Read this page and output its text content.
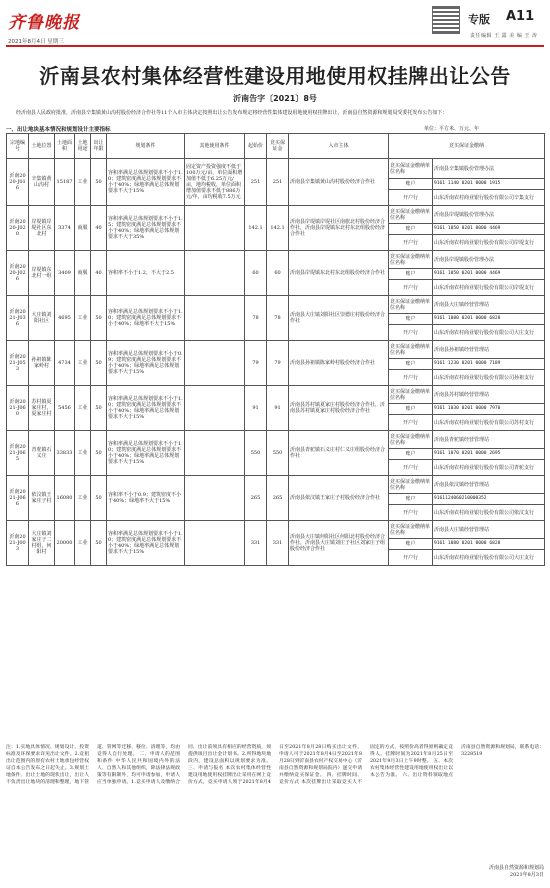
齐鲁晚报	专版 A11
责任编辑 王 露 美 编 王 涛
2021年8月4日 星期三
沂南县农村集体经营性建设用地使用权挂牌出让公告
沂南告字〔2021〕8号
经沂南县人民政府批准，沂南县辛集镇黄山沟村股份经济合作社等11个入市主体决定按照出让公告发布规定将经营性集体建设用地使用权挂牌出让，沂南县自然资源和规划局受委托发布公告如下：
一、出让地块基本情况和规划设计主要指标	单位：平方米、万元、年
宗地编号	土地位置	土地面积	土地用途	出让年限	规划条件	其他使用条件	起始价	竞买保证金	入市主体	竞买保证金缴纳	
沂南2020-J016	辛集镇黄山沟村	15187	工业	50	容积率满足总体规划要求不小于1.0；建筑密度满足总体规划要求不小于40%；绿地率满足总体规划要求不大于15%	固定资产投资强度不低于100万元/亩，单位面积增加值不低于6.25万元/亩，地均税收，单位面积增加值要求不低于886万元/年，亩均税收7.5万元	251	251	沂南县辛集镇黄山沟村股份经济合作社	竞买保证金缴纳单位名称	沂南县辛集镇股份管理办法
										账户	9161 1140 0201 0000 1915
										开户行	山东沂南农村商业银行股份有限公司辛集支行
沂南2020-J020	岸堤镇岸堤社区东北村	3374	商服	40	容积率满足总体规划要求不小于1.5；建筑密度满足总体规划要求不小于40%；绿地率满足总体规划要求不大于35%		142.1	142.1	沂南县岸堤镇岸堤社区南旅北村股份经济合作社，沂南县岸堤镇东北村东北组股份经济合作社	竞买保证金缴纳单位名称	沂南县岸堤镇股份管理办法
										账户	9161 1050 0201 0000 4469
										开户行	山东沂南农村商业银行股份有限公司岸堤支行
沂南2020-J026	岸堤镇东北村一组	3409	商服	40	容积率不小于1.2，不大于2.5		60	60	沂南县岸堤镇东北村东北组股份经济合作社	竞买保证金缴纳单位名称	沂南县岸堤镇股份管理办法
										账户	9161 1050 0201 0000 4469
										开户行	山东沂南农村商业银行股份有限公司岸堤支行
沂南2021-J036	大庄镇刘阳社区	4695	工业	50	容积率满足总体规划要求不小于1.0；建筑密度满足总体规划要求不小于40%；绿地率不大于15%		78	78	沂南县大庄镇刘阳社区崇德庄村股份经济合作社	竞买保证金缴纳单位名称	沂南县大庄镇经营管理站
										账户	9161 1080 0201 0000 6828
										开户行	山东沂南农村商业银行股份有限公司大庄支行
沂南2021-J053	孙祖镇陈家岭村	4734	工业	50	容积率满足总体规划要求不小于0.9；建筑密度满足总体规划要求不小于40%；绿地率满足总体规划要求不大于15%		79	79	沂南县孙祖镇陈家岭村股份经济合作社	竞买保证金缴纳单位名称	沂南县孙祖镇经营管理站
										账户	9161 1230 0201 0000 7189
										开户行	山东沂南农村商业银行股份有限公司孙祖支行
沂南2021-J060	苏村镇夏家庄村，夏家庄村	5456	工业	50	容积率满足总体规划要求不小于1.0；建筑密度满足总体规划要求不小于40%；绿地率满足总体规划要求不大于15%		91	91	沂南县苏村镇夏家庄村股份经济合作社，沂南县苏村镇夏家庄村股份经济合作社	竞买保证金缴纳单位名称	沂南县苏村镇经营管理站
										账户	9161 1030 0201 0000 7970
										开户行	山东沂南农村商业银行股份有限公司苏村支行
沂南2021-J065	青驼镇石义庄	33833	工业	50	容积率满足总体规划要求不小于1.0；建筑密度满足总体规划要求不小于40%；绿地率满足总体规划要求不大于15%		550	550	沂南县青驼镇石义庄村仁义庄组股份经济合作社	竞买保证金缴纳单位名称	沂南县青驼镇经营管理站
										账户	9161 1070 0201 0000 2695
										开户行	山东沂南农村商业银行股份有限公司青驼支行
沂南2021-J066	依汶镇王家庄子村	16080	工业	50	容积率不小于0.9；建筑密度不小于40%；绿地率不大于15%		265	265	沂南县依汶镇王家庄子村股份经济合作社	竞买保证金缴纳单位名称	沂南县依汶镇经营管理站
										账户	9161124060210000352
										开户行	山东沂南农村商业银行股份有限公司依汶支行
沂南2021-J003	大庄镇刘家庄子二村组，何阳村	20000	工业	50	容积率满足总体规划要求不小于1.0；建筑密度满足总体规划要求不小于40%；绿地率满足总体规划要求不大于15%		331	331	沂南县大庄镇何阳社区何阳北村股份经济合作社，沂南县大庄镇刘庄子社区刘家庄子组股份经济合作社	竞买保证金缴纳单位名称	沂南县大庄镇经营管理站
										账户	9161 1080 0201 0000 6828
										开户行	山东沂南农村商业银行股份有限公司大庄支行

注：1.实地具体情况、规划设计、投资标准及环保要求详见出让文件。2.竞租出让范围内的原有农村土地承包经营权证自本公告发布之日起失止。3.规划土地条件、出让土地的现状出让，出让人不负责出让地块的清理和整理，地下管道、管网等迁移、移位、清理等，均由竞得人自行处理。 二、申请人的范围和条件 中华人民共和国境内外的法人、自然人和其他组织，除法律法规政策等有限制外，均可申请参加，申请人应当单独申请。1.竞买申请人及缴纳合同、出让前须具有相应的经营资质，须提供项目出让金计划书。2.所得地块地段内，建设总面积以规划要求为准。 三、申请与报名 本次农村集体经营性建设用地使用权挂牌出让采用在网上竞价方式，竞买申请人须于2021年8月4日至2021年8月28日购买出让文件，申请人可于2021年8月4日至2021年8月28日到沂南县农村产权交易中心（沂南县自然资源和规划局院内）递交申请并缴纳竞买保证金。 四、挂牌时间、竞价方式 本次挂牌出让采取竞买人不固定的方式，按照价高者得原则确定竞得人。挂牌时间为2021年8月25日至2021年9月3日上午9时整。 五、本次农村集体经营性建设用地使用权出让以本公告为准。 六、出让资料领取地点 沂南县自然资源和规划局，联系电话：3228519

沂南县自然资源和规划局
2021年8月3日
